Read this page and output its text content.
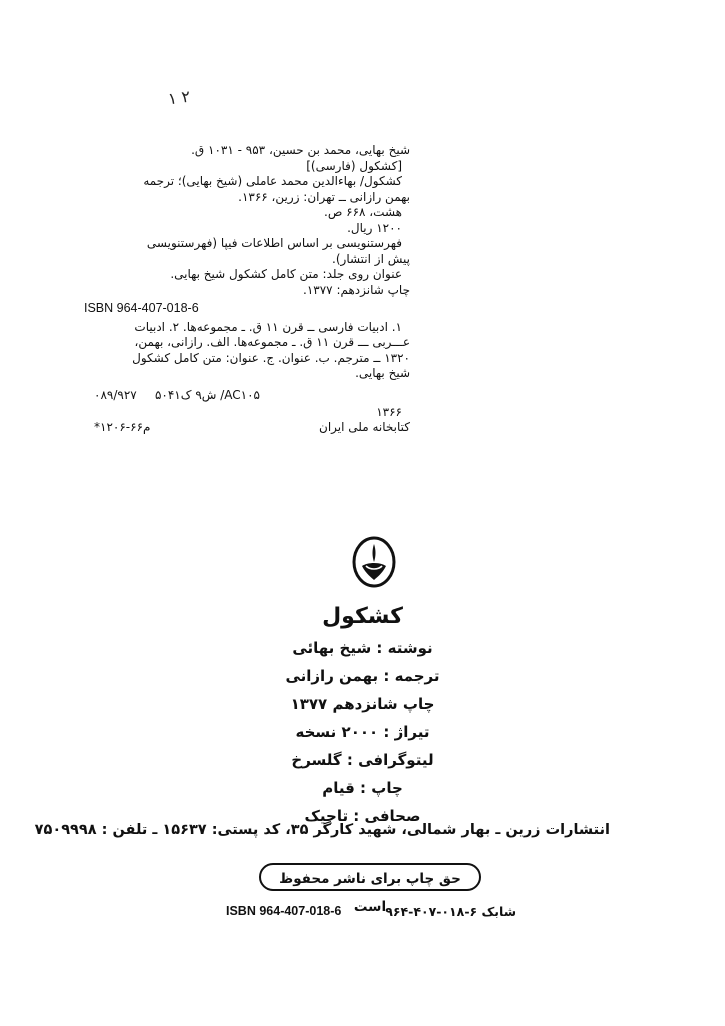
۱ ۲
شیخ بهایی، محمد بن حسین، ۹۵۳ - ۱۰۳۱ ق.
[کشکول (فارسی)]
کشکول/ بهاءالدین محمد عاملی (شیخ بهایی)؛ ترجمه
بهمن رازانی ــ تهران: زرین، ۱۳۶۶.
هشت، ۶۶۸ ص.
۱۲۰۰ ریال.
فهرستنویسی بر اساس اطلاعات فیپا (فهرستنویسی
پیش از انتشار).
عنوان روی جلد: متن کامل کشکول شیخ بهایی.
چاپ شانزدهم: ۱۳۷۷.
ISBN 964-407-018-6
۱. ادبیات فارسی ــ قرن ۱۱ ق. ـ مجموعه‌ها. ۲. ادبیات
عـــربی ـــ قرن ۱۱ ق. ـ مجموعه‌ها. الف. رازانی، بهمن،
۱۳۲۰ ــ مترجم. ب. عنوان. ج. عنوان: متن کامل کشکول
شیخ بهایی.
AC۱۰۵/ ش۹ ک۵۰۴۱
۰۸۹/۹۲۷
۱۳۶۶
کتابخانه ملی ایران
م۶۶-۱۲۰۶*
کشکول
نوشته : شیخ بهائی
ترجمه : بهمن رازانی
چاپ شانزدهم ۱۳۷۷
تیراژ : ۲۰۰۰ نسخه
لیتوگرافی : گلسرخ
چاپ : قیام
صحافی : تاجیک
انتشارات زرین ـ بهار شمالی، شهید کارگر ۳۵، کد پستی: ۱۵۶۳۷ ـ تلفن : ۷۵۰۹۹۹۸
حق چاپ برای ناشر محفوظ است
ISBN 964-407-018-6	شابک ۶-۰۱۸-۴۰۷-۹۶۴
